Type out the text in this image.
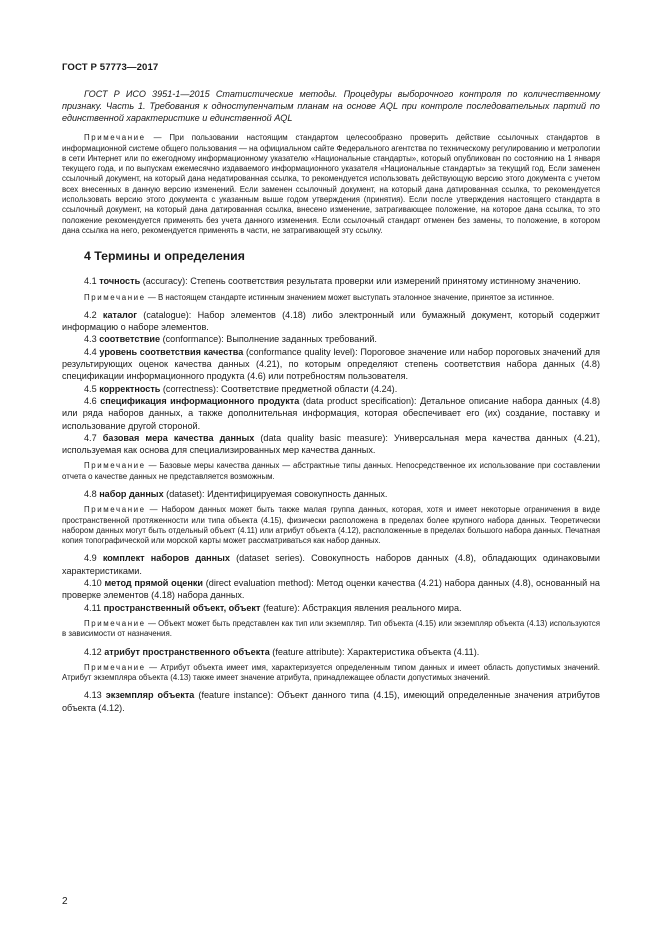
ГОСТ Р 57773—2017

ГОСТ Р ИСО 3951-1—2015 Статистические методы. Процедуры выборочного контроля по количественному признаку. Часть 1. Требования к одноступенчатым планам на основе AQL при контроле последовательных партий по единственной характеристике и единственной AQL

Примечание — При пользовании настоящим стандартом целесообразно проверить действие ссылочных стандартов в информационной системе общего пользования — на официальном сайте Федерального агентства по техническому регулированию и метрологии в сети Интернет или по ежегодному информационному указателю «Национальные стандарты», который опубликован по состоянию на 1 января текущего года, и по выпускам ежемесячно издаваемого информационного указателя «Национальные стандарты» за текущий год. Если заменен ссылочный документ, на который дана недатированная ссылка, то рекомендуется использовать действующую версию этого документа с учетом всех внесенных в данную версию изменений. Если заменен ссылочный документ, на который дана датированная ссылка, то рекомендуется использовать версию этого документа с указанным выше годом утверждения (принятия). Если после утверждения настоящего стандарта в ссылочный документ, на который дана датированная ссылка, внесено изменение, затрагивающее положение, на которое дана ссылка, то это положение рекомендуется применять без учета данного изменения. Если ссылочный стандарт отменен без замены, то положение, в котором дана ссылка на него, рекомендуется применять в части, не затрагивающей эту ссылку.

4 Термины и определения

4.1 точность (accuracy): Степень соответствия результата проверки или измерений принятому истинному значению.

Примечание — В настоящем стандарте истинным значением может выступать эталонное значение, принятое за истинное.

4.2 каталог (catalogue): Набор элементов (4.18) либо электронный или бумажный документ, который содержит информацию о наборе элементов.

4.3 соответствие (conformance): Выполнение заданных требований.

4.4 уровень соответствия качества (conformance quality level): Пороговое значение или набор пороговых значений для результирующих оценок качества данных (4.21), по которым определяют степень соответствия набора данных (4.8) спецификации информационного продукта (4.6) или потребностям пользователя.

4.5 корректность (correctness): Соответствие предметной области (4.24).

4.6 спецификация информационного продукта (data product specification): Детальное описание набора данных (4.8) или ряда наборов данных, а также дополнительная информация, которая обеспечивает его (их) создание, поставку и использование другой стороной.

4.7 базовая мера качества данных (data quality basic measure): Универсальная мера качества данных (4.21), используемая как основа для специализированных мер качества данных.

Примечание — Базовые меры качества данных — абстрактные типы данных. Непосредственное их использование при составлении отчета о качестве данных не представляется возможным.

4.8 набор данных (dataset): Идентифицируемая совокупность данных.

Примечание — Набором данных может быть также малая группа данных, которая, хотя и имеет некоторые ограничения в виде пространственной протяженности или типа объекта (4.15), физически расположена в пределах более крупного набора данных. Теоретически набором данных могут быть отдельный объект (4.11) или атрибут объекта (4.12), расположенные в пределах большого набора данных. Печатная копия топографической или морской карты может рассматриваться как набор данных.

4.9 комплект наборов данных (dataset series). Совокупность наборов данных (4.8), обладающих одинаковыми характеристиками.

4.10 метод прямой оценки (direct evaluation method): Метод оценки качества (4.21) набора данных (4.8), основанный на проверке элементов (4.18) набора данных.

4.11 пространственный объект, объект (feature): Абстракция явления реального мира.

Примечание — Объект может быть представлен как тип или экземпляр. Тип объекта (4.15) или экземпляр объекта (4.13) используются в зависимости от назначения.

4.12 атрибут пространственного объекта (feature attribute): Характеристика объекта (4.11).

Примечание — Атрибут объекта имеет имя, характеризуется определенным типом данных и имеет область допустимых значений. Атрибут экземпляра объекта (4.13) также имеет значение атрибута, принадлежащее области допустимых значений.

4.13 экземпляр объекта (feature instance): Объект данного типа (4.15), имеющий определенные значения атрибутов объекта (4.12).

2
